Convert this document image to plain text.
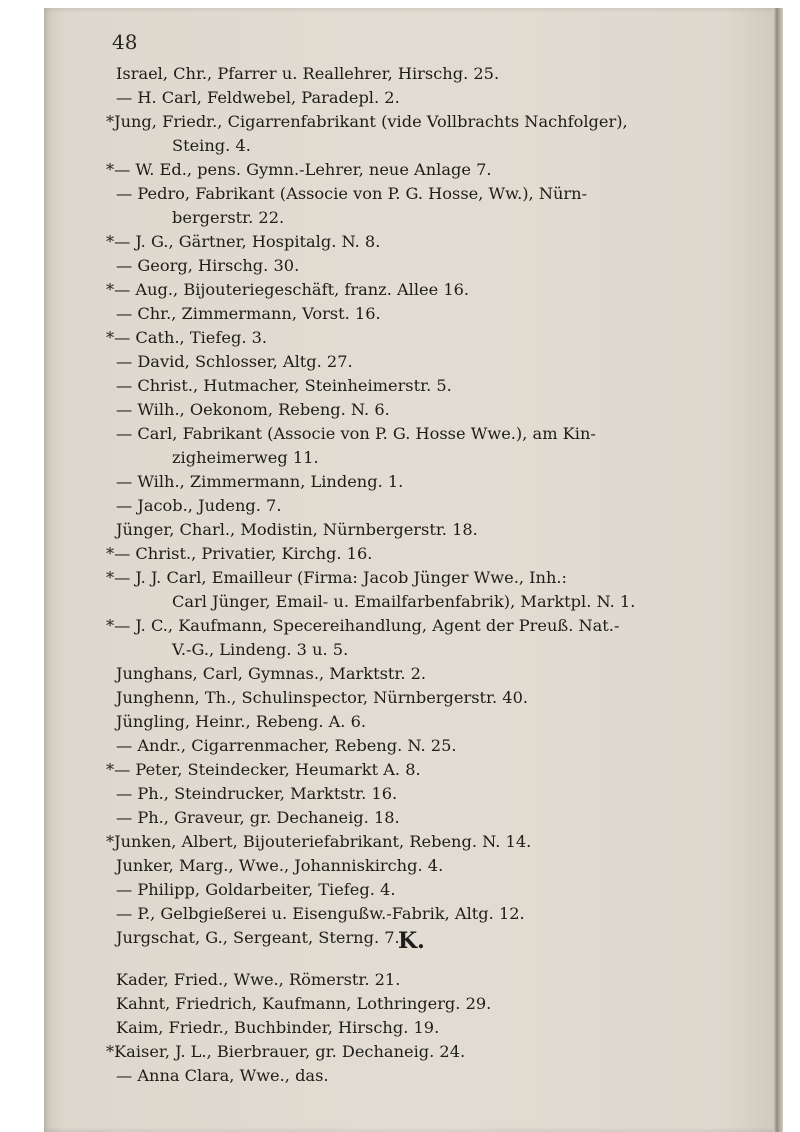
48
Israel, Chr., Pfarrer u. Reallehrer, Hirschg. 25.
— H. Carl, Feldwebel, Paradepl. 2.
*Jung, Friedr., Cigarrenfabrikant (vide Vollbrachts Nachfolger),
Steing. 4.
*— W. Ed., pens. Gymn.-Lehrer, neue Anlage 7.
— Pedro, Fabrikant (Associe von P. G. Hosse, Ww.), Nürn-
bergerstr. 22.
*— J. G., Gärtner, Hospitalg. N. 8.
— Georg, Hirschg. 30.
*— Aug., Bijouteriegeschäft, franz. Allee 16.
— Chr., Zimmermann, Vorst. 16.
*— Cath., Tiefeg. 3.
— David, Schlosser, Altg. 27.
— Christ., Hutmacher, Steinheimerstr. 5.
— Wilh., Oekonom, Rebeng. N. 6.
— Carl, Fabrikant (Associe von P. G. Hosse Wwe.), am Kin-
zigheimerweg 11.
— Wilh., Zimmermann, Lindeng. 1.
— Jacob., Judeng. 7.
Jünger, Charl., Modistin, Nürnbergerstr. 18.
*— Christ., Privatier, Kirchg. 16.
*— J. J. Carl, Emailleur (Firma: Jacob Jünger Wwe., Inh.:
Carl Jünger, Email- u. Emailfarbenfabrik), Marktpl. N. 1.
*— J. C., Kaufmann, Specereihandlung, Agent der Preuß. Nat.-
V.-G., Lindeng. 3 u. 5.
Junghans, Carl, Gymnas., Marktstr. 2.
Junghenn, Th., Schulinspector, Nürnbergerstr. 40.
Jüngling, Heinr., Rebeng. A. 6.
— Andr., Cigarrenmacher, Rebeng. N. 25.
*— Peter, Steindecker, Heumarkt A. 8.
— Ph., Steindrucker, Marktstr. 16.
— Ph., Graveur, gr. Dechaneig. 18.
*Junken, Albert, Bijouteriefabrikant, Rebeng. N. 14.
Junker, Marg., Wwe., Johanniskirchg. 4.
— Philipp, Goldarbeiter, Tiefeg. 4.
— P., Gelbgießerei u. Eisengußw.-Fabrik, Altg. 12.
Jurgschat, G., Sergeant, Sterng. 7.
K.
Kader, Fried., Wwe., Römerstr. 21.
Kahnt, Friedrich, Kaufmann, Lothringerg. 29.
Kaim, Friedr., Buchbinder, Hirschg. 19.
*Kaiser, J. L., Bierbrauer, gr. Dechaneig. 24.
— Anna Clara, Wwe., das.
